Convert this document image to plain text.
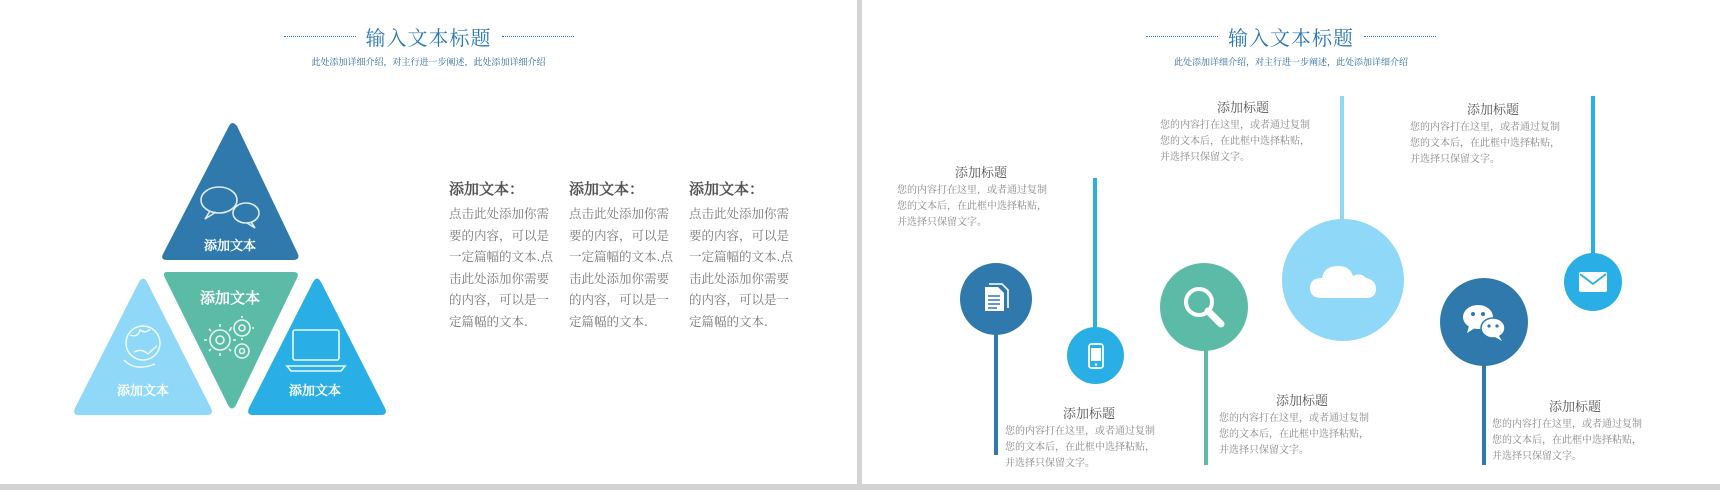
输入文本标题
此处添加详细介绍，对主行进一步阐述，此处添加详细介绍
添加文本
添加文本
添加文本	添加文本
添加文本：
点击此处添加你需要的内容，可以是一定篇幅的文本.点击此处添加你需要的内容，可以是一定篇幅的文本.
添加文本：
点击此处添加你需要的内容，可以是一定篇幅的文本.点击此处添加你需要的内容，可以是一定篇幅的文本.
添加文本：
点击此处添加你需要的内容，可以是一定篇幅的文本.点击此处添加你需要的内容，可以是一定篇幅的文本.
输入文本标题
此处添加详细介绍，对主行进一步阐述，此处添加详细介绍
添加标题
您的内容打在这里，或者通过复制
您的文本后，在此框中选择粘贴，
并选择只保留文字。
添加标题
您的内容打在这里，或者通过复制
您的文本后，在此框中选择粘贴，
并选择只保留文字。
添加标题
您的内容打在这里，或者通过复制
您的文本后，在此框中选择粘贴，
并选择只保留文字。
添加标题
您的内容打在这里，或者通过复制
您的文本后，在此框中选择粘贴，
并选择只保留文字。
添加标题
您的内容打在这里，或者通过复制
您的文本后，在此框中选择粘贴，
并选择只保留文字。
添加标题
您的内容打在这里，或者通过复制
您的文本后，在此框中选择粘贴，
并选择只保留文字。
